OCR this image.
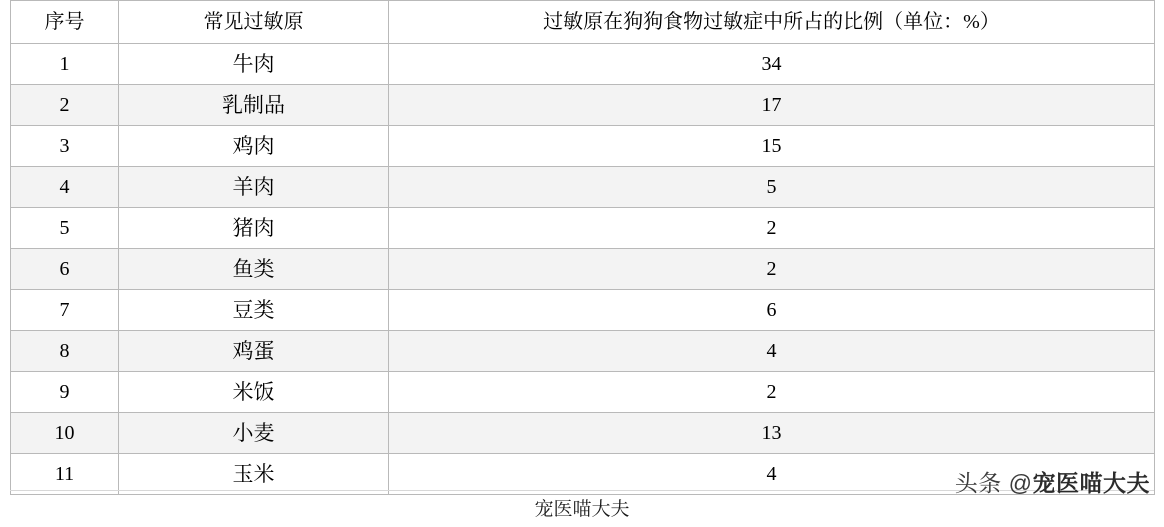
序号	常见过敏原	过敏原在狗狗食物过敏症中所占的比例（单位：%）
1	牛肉	34
2	乳制品	17
3	鸡肉	15
4	羊肉	5
5	猪肉	2
6	鱼类	2
7	豆类	6
8	鸡蛋	4
9	米饭	2
10	小麦	13
11	玉米	4
宠医喵大夫
头条 @宠医喵大夫
